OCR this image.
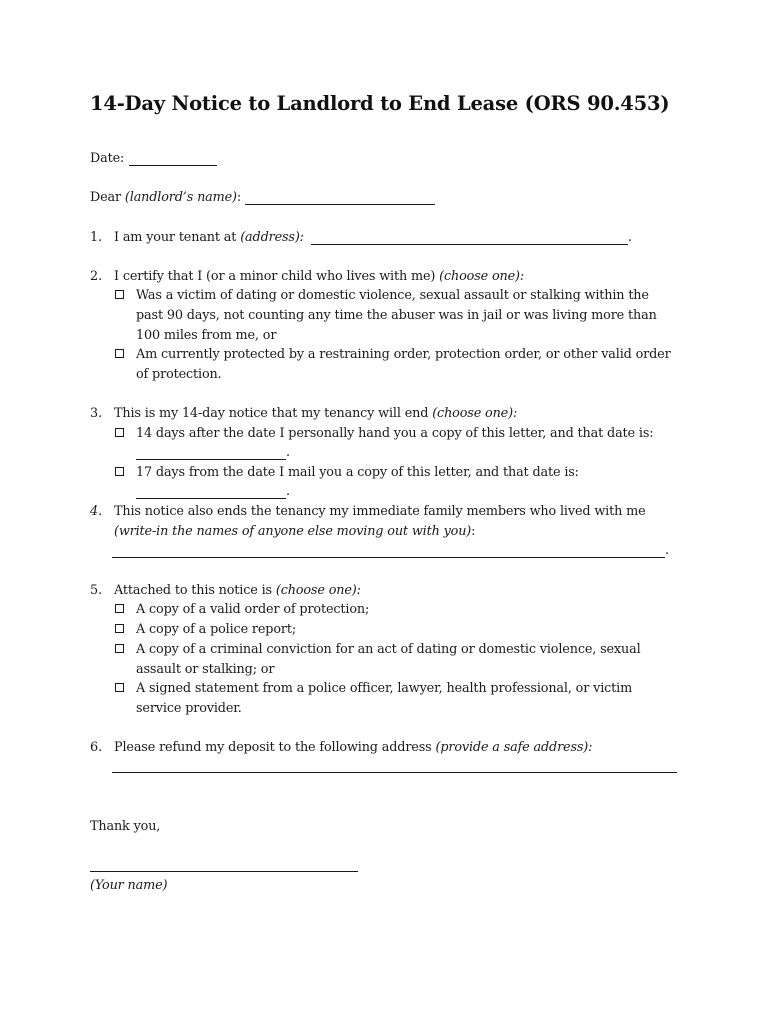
14-Day Notice to Landlord to End Lease (ORS 90.453)
Date:
Dear (landlord’s name):
1. I am your tenant at (address):	.
2. I certify that I (or a minor child who lives with me) (choose one):
Was a victim of dating or domestic violence, sexual assault or stalking within the
past 90 days, not counting any time the abuser was in jail or was living more than
100 miles from me, or
Am currently protected by a restraining order, protection order, or other valid order
of protection.
3. This is my 14-day notice that my tenancy will end (choose one):
14 days after the date I personally hand you a copy of this letter, and that date is:
.
17 days from the date I mail you a copy of this letter, and that date is:
.
4. This notice also ends the tenancy my immediate family members who lived with me
(write-in the names of anyone else moving out with you):
.
5. Attached to this notice is (choose one):
A copy of a valid order of protection;
A copy of a police report;
A copy of a criminal conviction for an act of dating or domestic violence, sexual
assault or stalking; or
A signed statement from a police officer, lawyer, health professional, or victim
service provider.
6. Please refund my deposit to the following address (provide a safe address):
Thank you,
(Your name)
